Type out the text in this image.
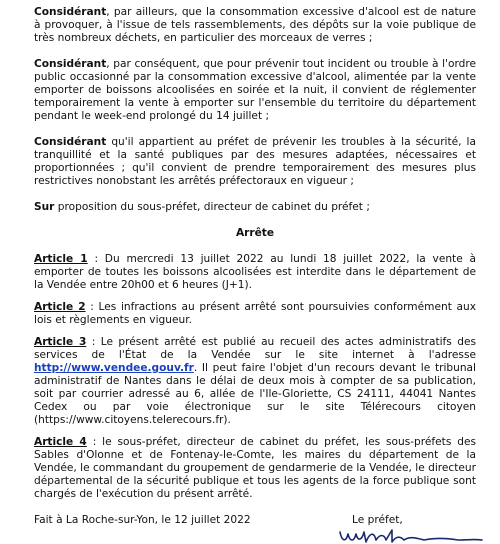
Considérant, par ailleurs, que la consommation excessive d'alcool est de nature à provoquer, à l'issue de tels rassemblements, des dépôts sur la voie publique de très nombreux déchets, en particulier des morceaux de verres ;

Considérant, par conséquent, que pour prévenir tout incident ou trouble à l'ordre public occasionné par la consommation excessive d'alcool, alimentée par la vente emporter de boissons alcoolisées en soirée et la nuit, il convient de réglementer temporairement la vente à emporter sur l'ensemble du territoire du département pendant le week-end prolongé du 14 juillet ;

Considérant qu'il appartient au préfet de prévenir les troubles à la sécurité, la tranquillité et la santé publiques par des mesures adaptées, nécessaires et proportionnées ; qu'il convient de prendre temporairement des mesures plus restrictives nonobstant les arrêtés préfectoraux en vigueur ;

Sur proposition du sous-préfet, directeur de cabinet du préfet ;

Arrête

Article 1 : Du mercredi 13 juillet 2022 au lundi 18 juillet 2022, la vente à emporter de toutes les boissons alcoolisées est interdite dans le département de la Vendée entre 20h00 et 6 heures (J+1).

Article 2 : Les infractions au présent arrêté sont poursuivies conformément aux lois et règlements en vigueur.

Article 3 : Le présent arrêté est publié au recueil des actes administratifs des services de l'État de la Vendée sur le site internet à l'adresse http://www.vendee.gouv.fr. Il peut faire l'objet d'un recours devant le tribunal administratif de Nantes dans le délai de deux mois à compter de sa publication, soit par courrier adressé au 6, allée de l'Ile-Gloriette, CS 24111, 44041 Nantes Cedex ou par voie électronique sur le site Télérecours citoyen (https://www.citoyens.telerecours.fr).

Article 4 : le sous-préfet, directeur de cabinet du préfet, les sous-préfets des Sables d'Olonne et de Fontenay-le-Comte, les maires du département de la Vendée, le commandant du groupement de gendarmerie de la Vendée, le directeur départemental de la sécurité publique et tous les agents de la force publique sont chargés de l'exécution du présent arrêté.

Fait à La Roche-sur-Yon, le 12 juillet 2022	Le préfet,
